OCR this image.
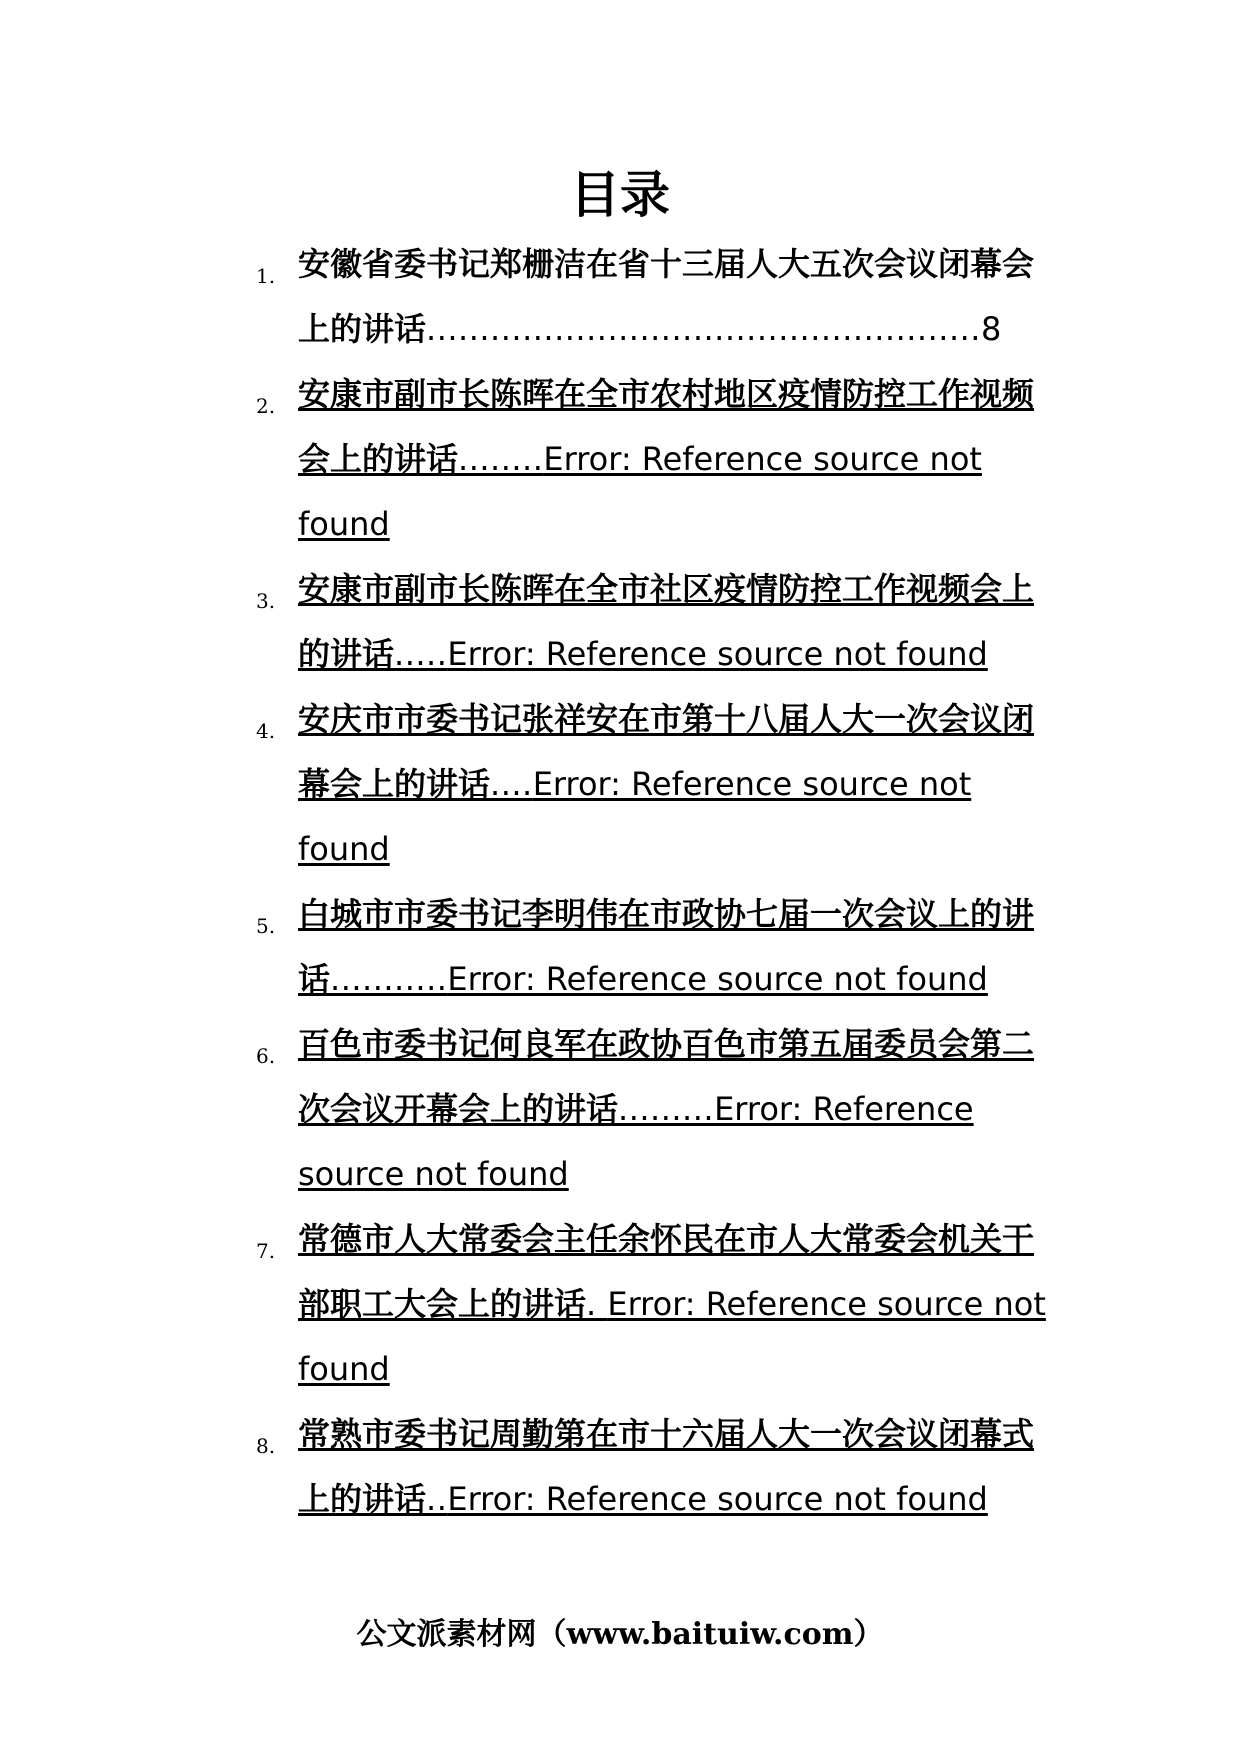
目录
1. 安徽省委书记郑栅洁在省十三届人大五次会议闭幕会上的讲话....................................................8
2. 安康市副市长陈晖在全市农村地区疫情防控工作视频会上的讲话........Error: Reference source not found
3. 安康市副市长陈晖在全市社区疫情防控工作视频会上的讲话.....Error: Reference source not found
4. 安庆市市委书记张祥安在市第十八届人大一次会议闭幕会上的讲话....Error: Reference source not found
5. 白城市市委书记李明伟在市政协七届一次会议上的讲话...........Error: Reference source not found
6. 百色市委书记何良军在政协百色市第五届委员会第二次会议开幕会上的讲话.........Error: Reference source not found
7. 常德市人大常委会主任余怀民在市人大常委会机关干部职工大会上的讲话. Error: Reference source not found
8. 常熟市委书记周勤第在市十六届人大一次会议闭幕式上的讲话..Error: Reference source not found
公文派素材网（www.baituiw.com）
